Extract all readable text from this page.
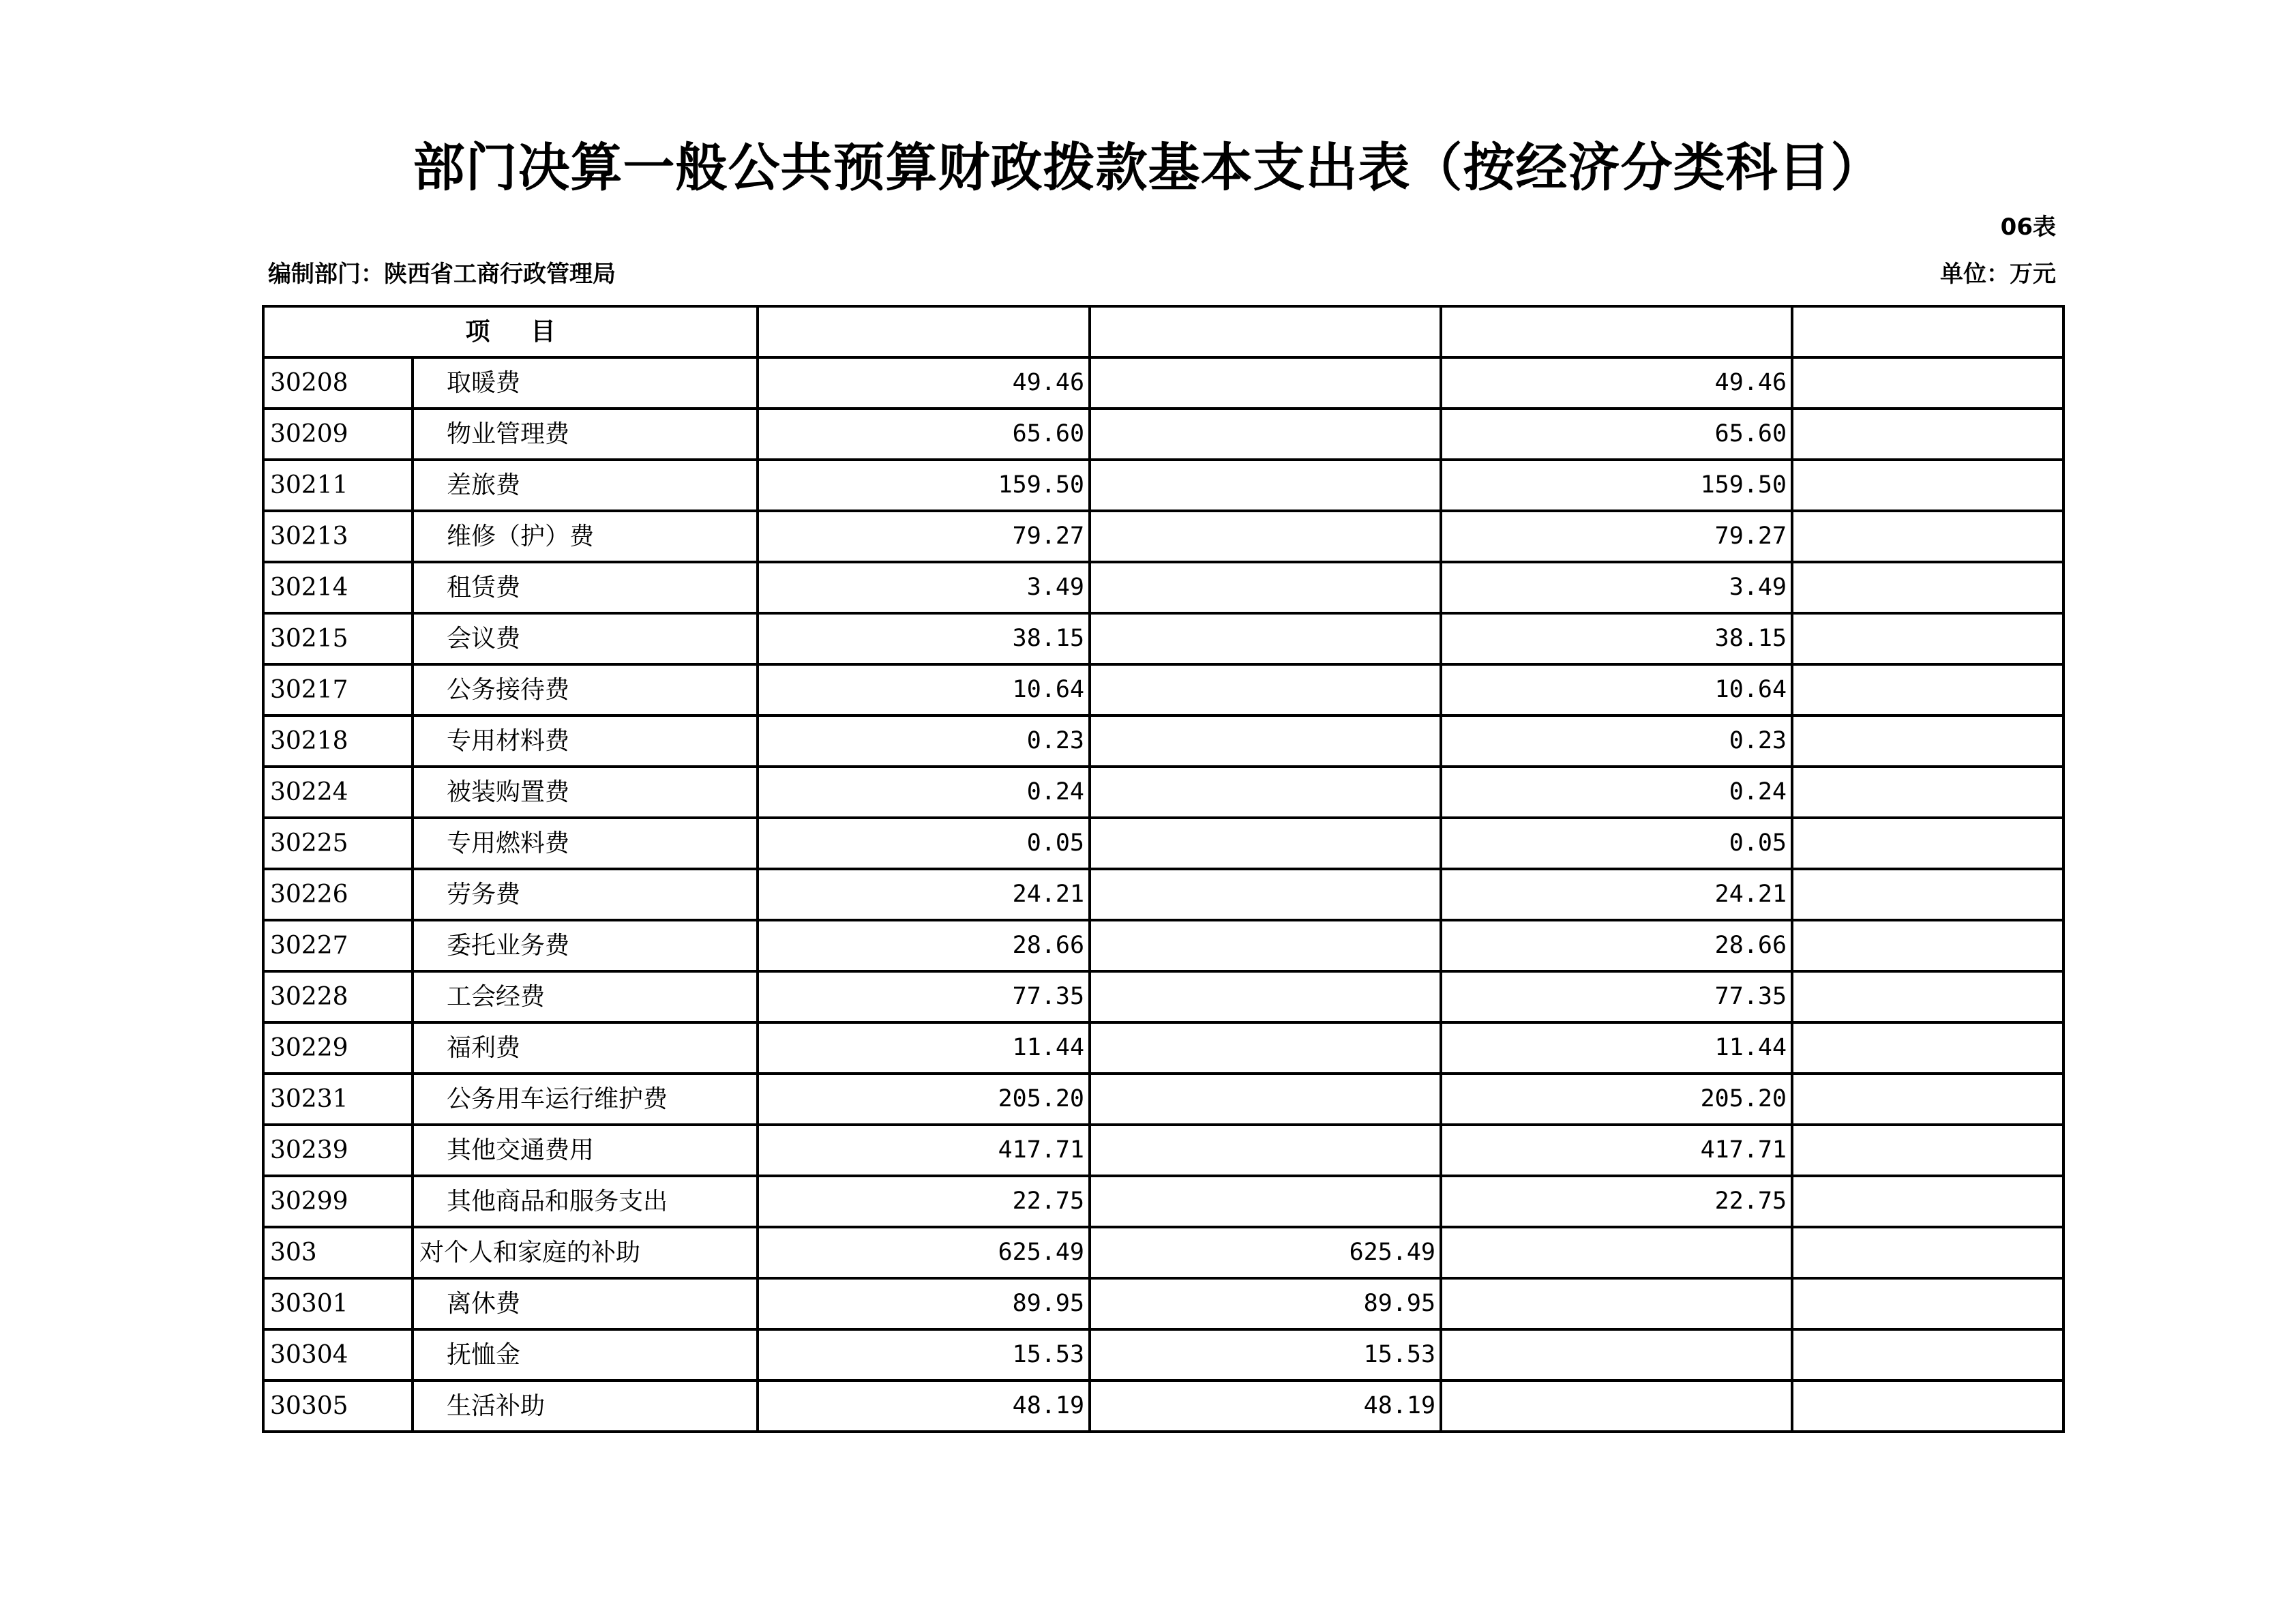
部门决算一般公共预算财政拨款基本支出表（按经济分类科目）
06表
编制部门：陕西省工商行政管理局	单位：万元
项目					
30208	取暖费	49.46		49.46	
30209	物业管理费	65.60		65.60	
30211	差旅费	159.50		159.50	
30213	维修（护）费	79.27		79.27	
30214	租赁费	3.49		3.49	
30215	会议费	38.15		38.15	
30217	公务接待费	10.64		10.64	
30218	专用材料费	0.23		0.23	
30224	被装购置费	0.24		0.24	
30225	专用燃料费	0.05		0.05	
30226	劳务费	24.21		24.21	
30227	委托业务费	28.66		28.66	
30228	工会经费	77.35		77.35	
30229	福利费	11.44		11.44	
30231	公务用车运行维护费	205.20		205.20	
30239	其他交通费用	417.71		417.71	
30299	其他商品和服务支出	22.75		22.75	
303	对个人和家庭的补助	625.49	625.49		
30301	离休费	89.95	89.95		
30304	抚恤金	15.53	15.53		
30305	生活补助	48.19	48.19		
